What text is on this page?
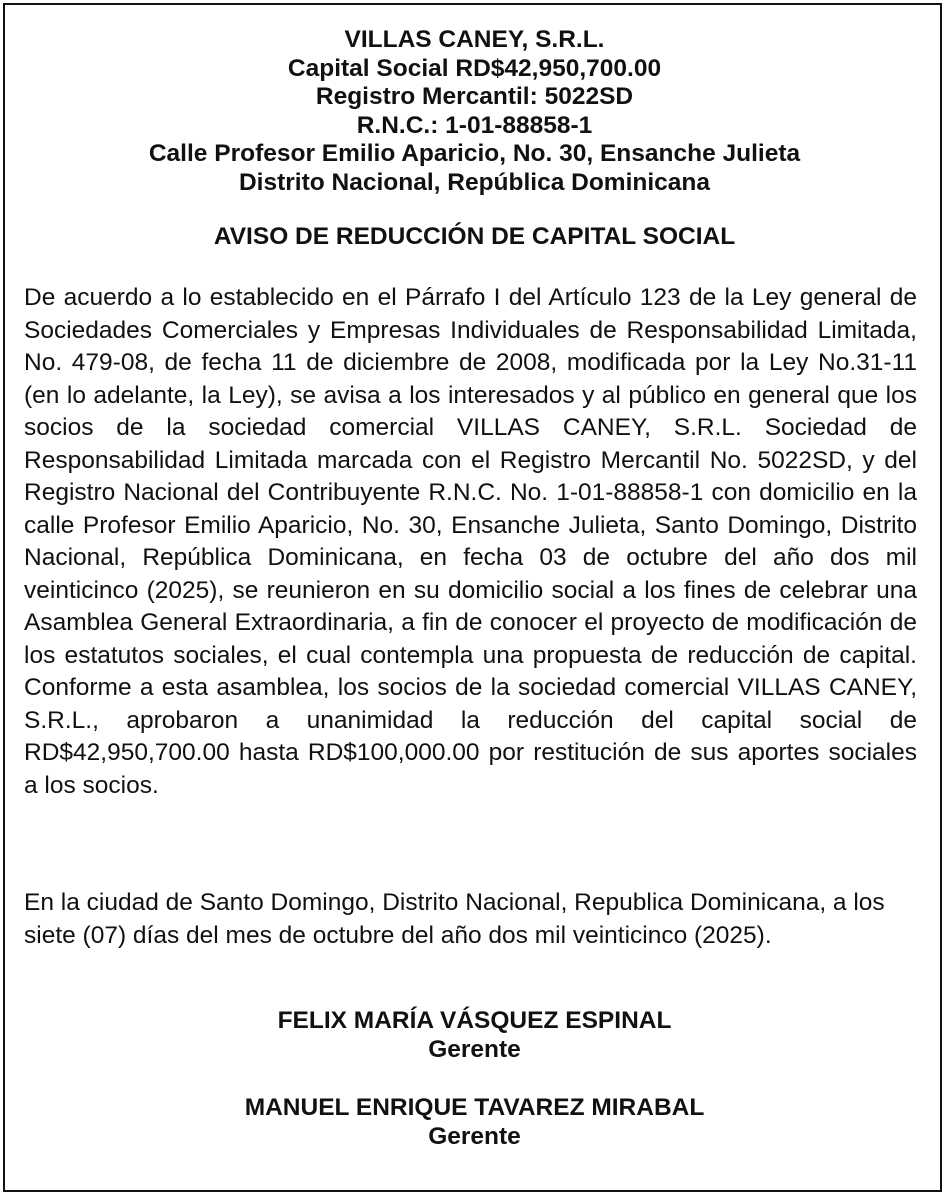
VILLAS CANEY, S.R.L.
Capital Social RD$42,950,700.00
Registro Mercantil: 5022SD
R.N.C.: 1-01-88858-1
Calle Profesor Emilio Aparicio, No. 30, Ensanche Julieta
Distrito Nacional, República Dominicana
AVISO DE REDUCCIÓN DE CAPITAL SOCIAL

De acuerdo a lo establecido en el Párrafo I del Artículo 123 de la Ley general de Sociedades Comerciales y Empresas Individuales de Responsabilidad Limitada, No. 479-08, de fecha 11 de diciembre de 2008, modificada por la Ley No.31-11 (en lo adelante, la Ley), se avisa a los interesados y al público en general que los socios de la sociedad comercial VILLAS CANEY, S.R.L. Sociedad de Responsabilidad Limitada marcada con el Registro Mercantil No. 5022SD, y del Registro Nacional del Contribuyente R.N.C. No. 1-01-88858-1 con domicilio en la calle Profesor Emilio Aparicio, No. 30, Ensanche Julieta, Santo Domingo, Distrito Nacional, República Dominicana, en fecha 03 de octubre del año dos mil veinticinco (2025), se reunieron en su domicilio social a los fines de celebrar una Asamblea General Extraordinaria, a fin de conocer el proyecto de modificación de los estatutos sociales, el cual contempla una propuesta de reducción de capital. Conforme a esta asamblea, los socios de la sociedad comercial VILLAS CANEY, S.R.L., aprobaron a unanimidad la reducción del capital social de RD$42,950,700.00 hasta RD$100,000.00 por restitución de sus aportes sociales a los socios.

En la ciudad de Santo Domingo, Distrito Nacional, Republica Dominicana, a los siete (07) días del mes de octubre del año dos mil veinticinco (2025).

FELIX MARÍA VÁSQUEZ ESPINAL
Gerente
MANUEL ENRIQUE TAVAREZ MIRABAL
Gerente
